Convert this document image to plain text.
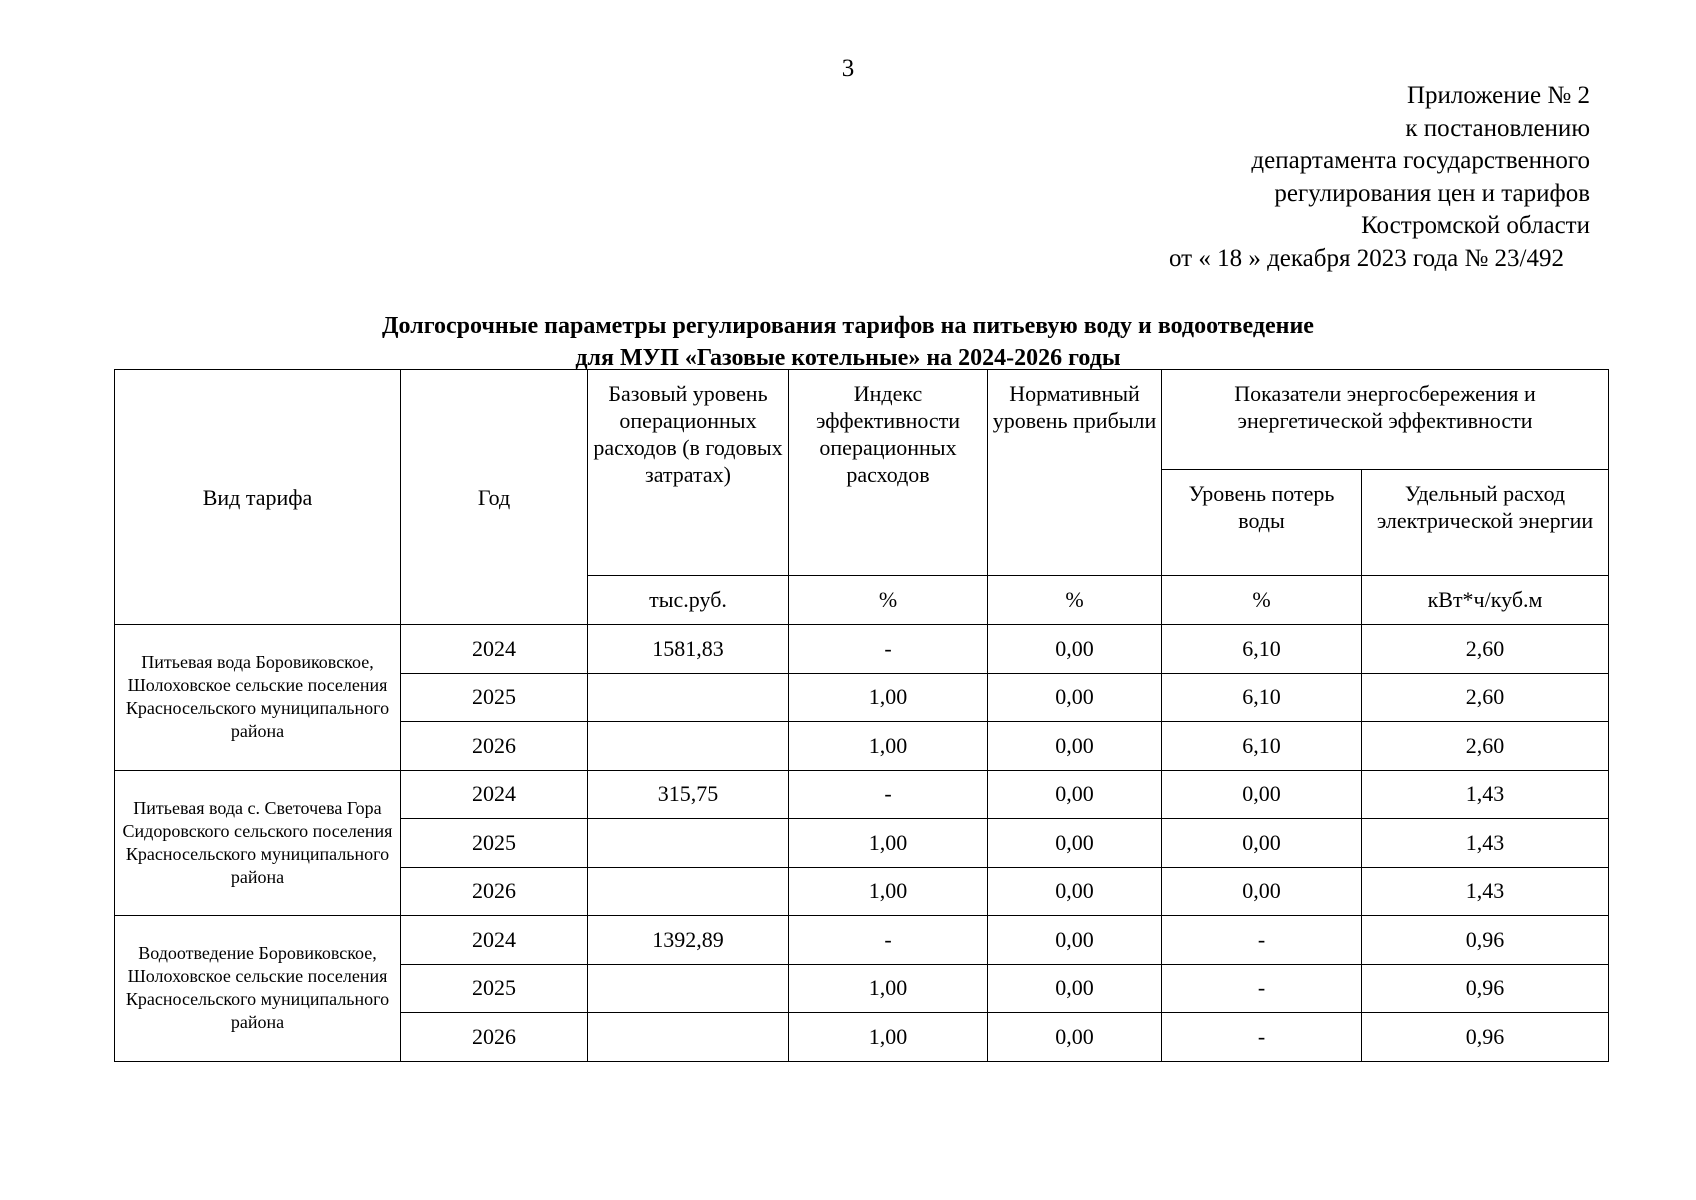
3
Приложение № 2
к постановлению
департамента государственного
регулирования цен и тарифов
Костромской области
от « 18 » декабря 2023 года № 23/492
Долгосрочные параметры регулирования тарифов на питьевую воду и водоотведение
для МУП «Газовые котельные» на 2024-2026 годы
Вид тарифа	Год	Базовый уровень операционных расходов (в годовых затратах)	Индекс эффективности операционных расходов	Нормативный уровень прибыли	Показатели энергосбережения и энергетической эффективности	
					Уровень потерь воды	Удельный расход электрической энергии
		тыс.руб.	%	%	%	кВт*ч/куб.м
Питьевая вода Боровиковское, Шолоховское сельские поселения Красносельского муниципального района	2024	1581,83	-	0,00	6,10	2,60
	2025		1,00	0,00	6,10	2,60
	2026		1,00	0,00	6,10	2,60
Питьевая вода с. Светочева Гора Сидоровского сельского поселения Красносельского муниципального района	2024	315,75	-	0,00	0,00	1,43
	2025		1,00	0,00	0,00	1,43
	2026		1,00	0,00	0,00	1,43
Водоотведение Боровиковское, Шолоховское сельские поселения Красносельского муниципального района	2024	1392,89	-	0,00	-	0,96
	2025		1,00	0,00	-	0,96
	2026		1,00	0,00	-	0,96
